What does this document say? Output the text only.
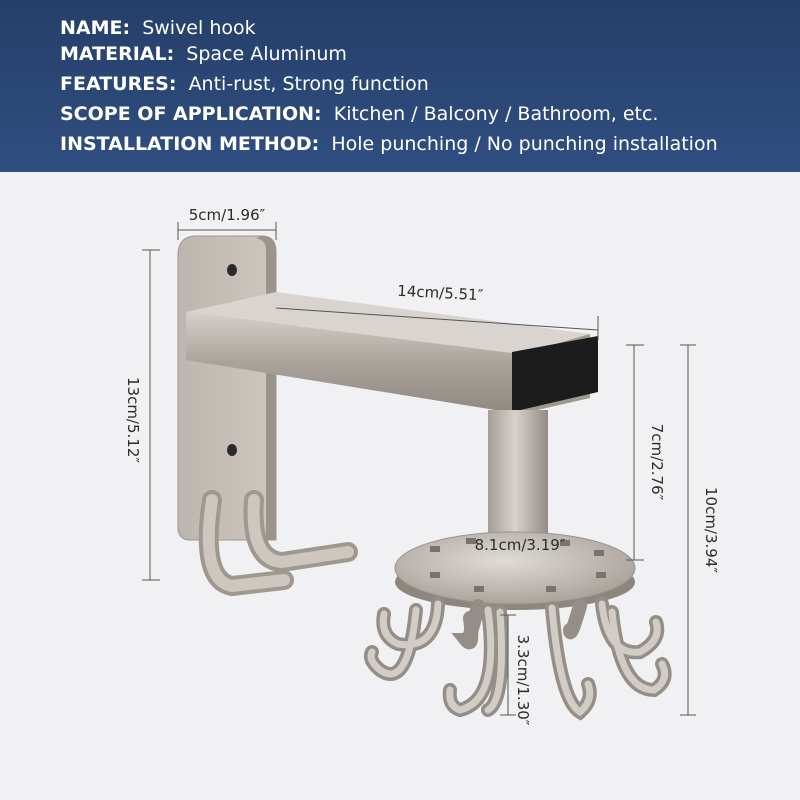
NAME: Swivel hook
MATERIAL: Space Aluminum
FEATURES: Anti-rust, Strong function
SCOPE OF APPLICATION: Kitchen / Balcony / Bathroom, etc.
INSTALLATION METHOD: Hole punching / No punching installation
5cm/1.96″
14cm/5.51″
13cm/5.12″	7cm/2.76″
10cm/3.94″
8.1cm/3.19″
3.3cm/1.30″
